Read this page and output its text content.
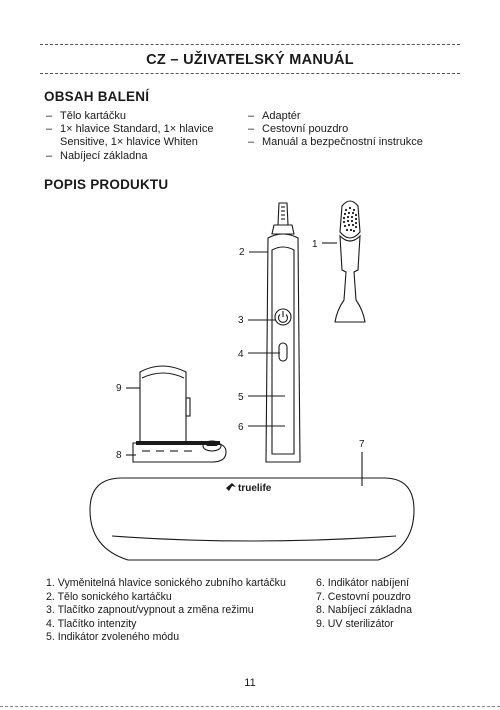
CZ – UŽIVATELSKÝ MANUÁL
OBSAH BALENÍ
– Tělo kartáčku
– 1× hlavice Standard, 1× hlavice Sensitive, 1× hlavice Whiten
– Nabíjecí základna
– Adaptér
– Cestovní pouzdro
– Manuál a bezpečnostní instrukce
POPIS PRODUKTU
truelife
1
2
3
4
5
6
7
8
9
1. Vyměnitelná hlavice sonického zubního kartáčku
2. Tělo sonického kartáčku
3. Tlačítko zapnout/vypnout a změna režimu
4. Tlačítko intenzity
5. Indikátor zvoleného módu
6. Indikátor nabíjení
7. Cestovní pouzdro
8. Nabíjecí základna
9. UV sterilizátor
11
